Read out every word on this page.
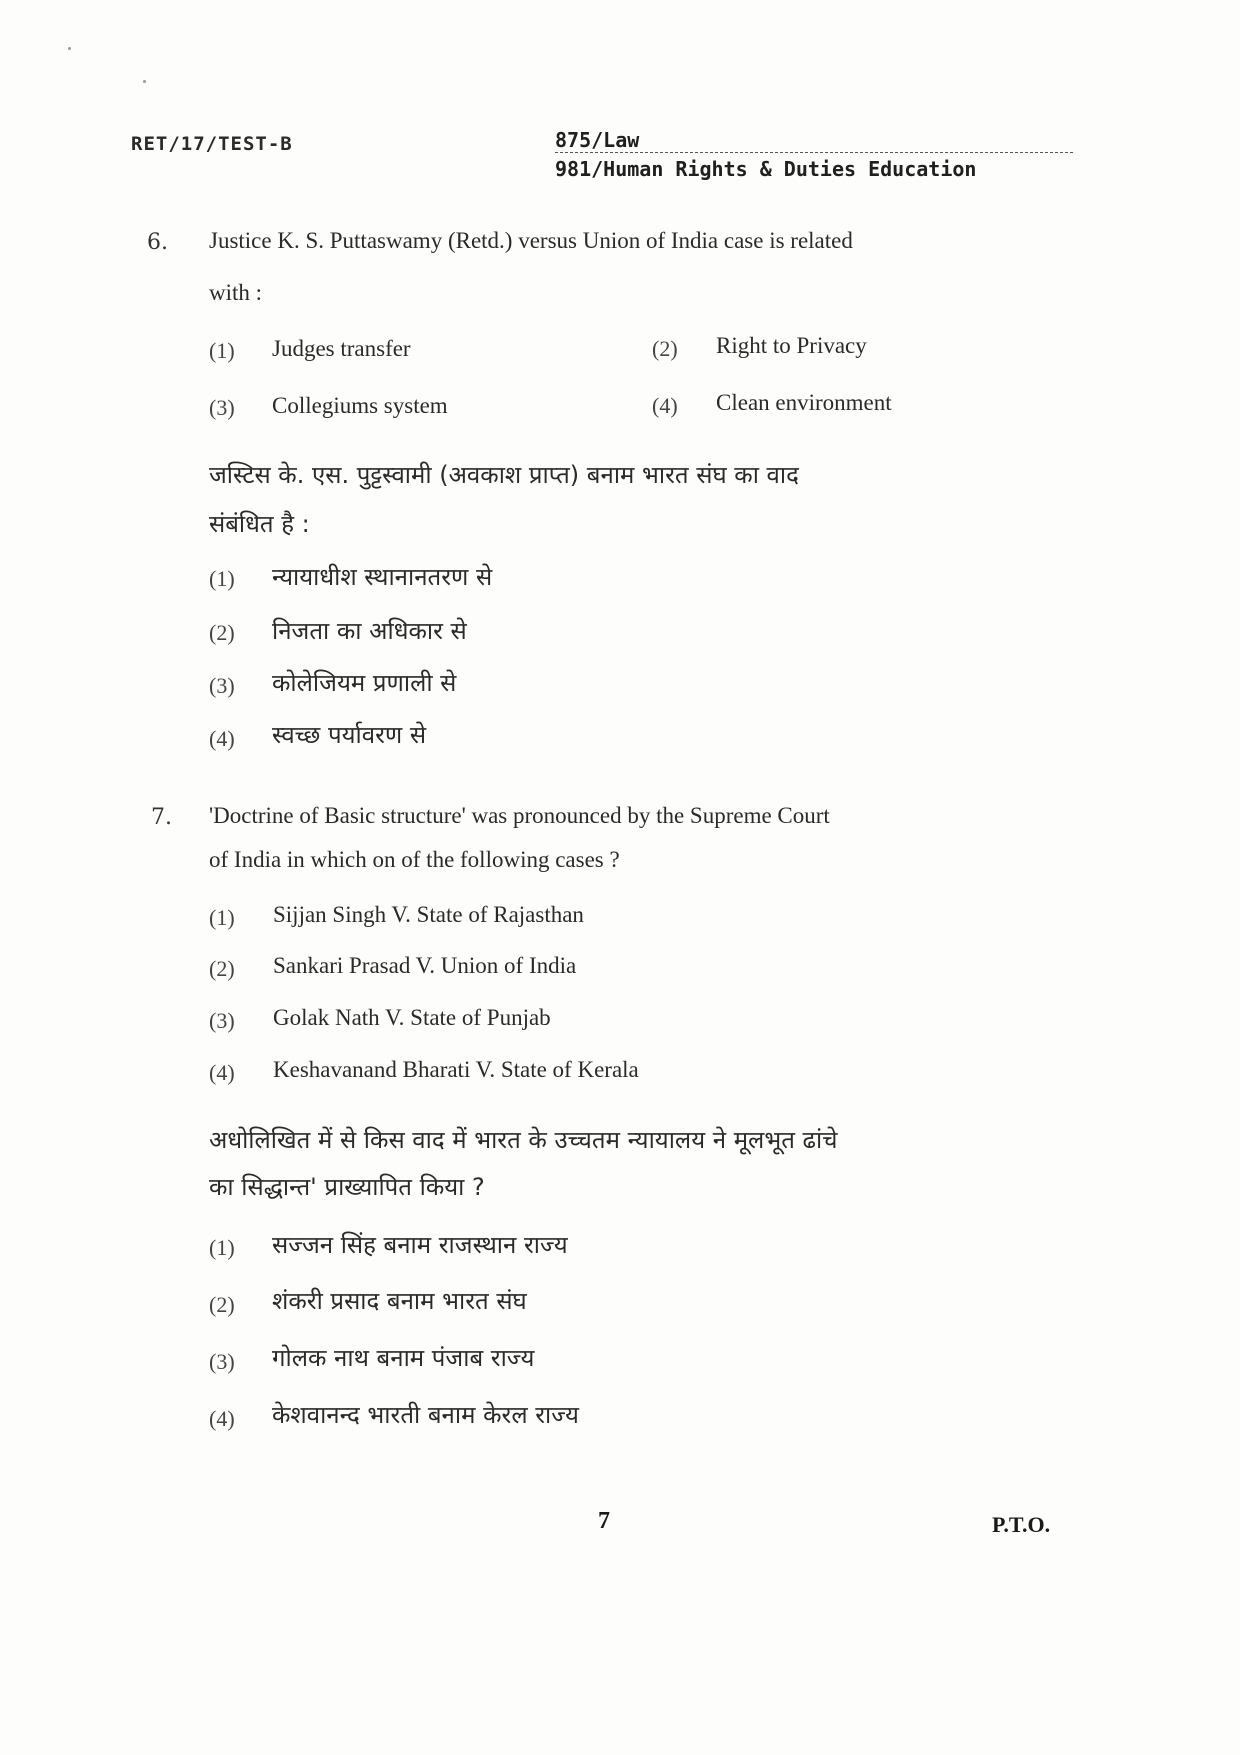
RET/17/TEST-B	875/Law
981/Human Rights & Duties Education
6. Justice K. S. Puttaswamy (Retd.) versus Union of India case is related
with :
(1) Judges transfer	(2) Right to Privacy
(3) Collegiums system	(4) Clean environment
जस्टिस के. एस. पुट्टस्वामी (अवकाश प्राप्त) बनाम भारत संघ का वाद
संबंधित है :
(1) न्यायाधीश स्थानानतरण से
(2) निजता का अधिकार से
(3) कोलेजियम प्रणाली से
(4) स्वच्छ पर्यावरण से
7. 'Doctrine of Basic structure' was pronounced by the Supreme Court
of India in which on of the following cases ?
(1) Sijjan Singh V. State of Rajasthan
(2) Sankari Prasad V. Union of India
(3) Golak Nath V. State of Punjab
(4) Keshavanand Bharati V. State of Kerala
अधोलिखित में से किस वाद में भारत के उच्चतम न्यायालय ने मूलभूत ढांचे
का सिद्धान्त' प्राख्यापित किया ?
(1) सज्जन सिंह बनाम राजस्थान राज्य
(2) शंकरी प्रसाद बनाम भारत संघ
(3) गोलक नाथ बनाम पंजाब राज्य
(4) केशवानन्द भारती बनाम केरल राज्य
7	P.T.O.
